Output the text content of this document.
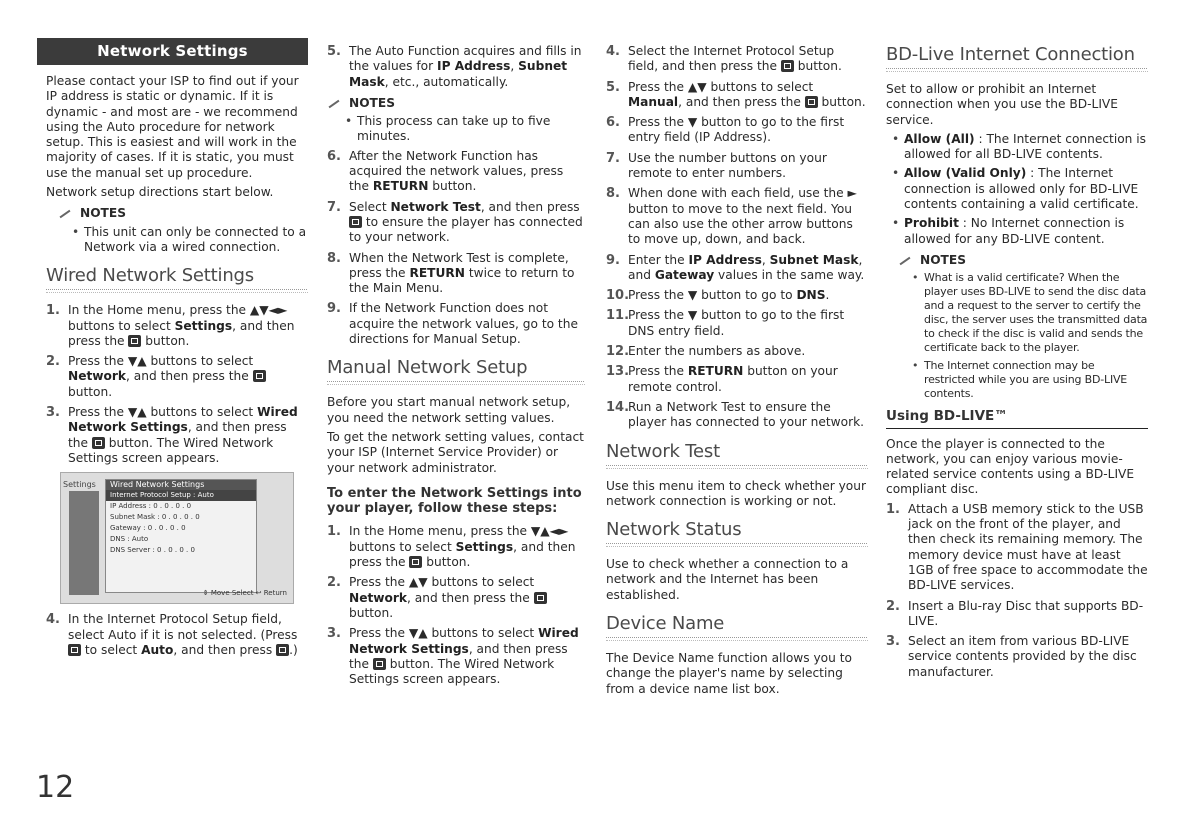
Network Settings

Please contact your ISP to find out if your IP address is static or dynamic. If it is dynamic - and most are - we recommend using the Auto procedure for network setup. This is easiest and will work in the majority of cases. If it is static, you must use the manual set up procedure.

Network setup directions start below.

NOTES
• This unit can only be connected to a Network via a wired connection.
Wired Network Settings
1. In the Home menu, press the ▲▼◄► buttons to select Settings, and then press the  button.
2. Press the ▼▲ buttons to select Network, and then press the  button.
3. Press the ▼▲ buttons to select Wired Network Settings, and then press the  button. The Wired Network Settings screen appears.
Settings	Wired Network Settings
Internet Protocol Setup : Auto
IP Address : 0 . 0 . 0 . 0
Subnet Mask : 0 . 0 . 0 . 0
Gateway : 0 . 0 . 0 . 0
DNS : Auto
DNS Server : 0 . 0 . 0 . 0
⇕ Move Select ↩ Return
4. In the Internet Protocol Setup field, select Auto if it is not selected. (Press  to select Auto, and then press .)
12
5. The Auto Function acquires and fills in the values for IP Address, Subnet Mask, etc., automatically.
NOTES
• This process can take up to five minutes.
6. After the Network Function has acquired the network values, press the RETURN button.
7. Select Network Test, and then press  to ensure the player has connected to your network.
8. When the Network Test is complete, press the RETURN twice to return to the Main Menu.
9. If the Network Function does not acquire the network values, go to the directions for Manual Setup.
Manual Network Setup

Before you start manual network setup, you need the network setting values.

To get the network setting values, contact your ISP (Internet Service Provider) or your network administrator.

To enter the Network Settings into your player, follow these steps:
1. In the Home menu, press the ▼▲◄► buttons to select Settings, and then press the  button.
2. Press the ▲▼ buttons to select Network, and then press the  button.
3. Press the ▼▲ buttons to select Wired Network Settings, and then press the  button. The Wired Network Settings screen appears.
4. Select the Internet Protocol Setup field, and then press the  button.
5. Press the ▲▼ buttons to select Manual, and then press the  button.
6. Press the ▼ button to go to the first entry field (IP Address).
7. Use the number buttons on your remote to enter numbers.
8. When done with each field, use the ► button to move to the next field. You can also use the other arrow buttons to move up, down, and back.
9. Enter the IP Address, Subnet Mask, and Gateway values in the same way.
10.
Press the ▼ button to go to DNS.
11.
Press the ▼ button to go to the first DNS entry field.
12.
Enter the numbers as above.
13.
Press the RETURN button on your remote control.
14.
Run a Network Test to ensure the player has connected to your network.
Network Test

Use this menu item to check whether your network connection is working or not.

Network Status

Use to check whether a connection to a network and the Internet has been established.

Device Name

The Device Name function allows you to change the player's name by selecting from a device name list box.

BD-Live Internet Connection

Set to allow or prohibit an Internet connection when you use the BD-LIVE service.

• Allow (All) : The Internet connection is allowed for all BD-LIVE contents.
• Allow (Valid Only) : The Internet connection is allowed only for BD-LIVE contents containing a valid certificate.
• Prohibit : No Internet connection is allowed for any BD-LIVE content.
NOTES
• What is a valid certificate? When the player uses BD-LIVE to send the disc data and a request to the server to certify the disc, the server uses the transmitted data to check if the disc is valid and sends the certificate back to the player.
• The Internet connection may be restricted while you are using BD-LIVE contents.
Using BD-LIVE™

Once the player is connected to the network, you can enjoy various movie-related service contents using a BD-LIVE compliant disc.

1. Attach a USB memory stick to the USB jack on the front of the player, and then check its remaining memory. The memory device must have at least 1GB of free space to accommodate the BD-LIVE services.
2. Insert a Blu-ray Disc that supports BD-LIVE.
3. Select an item from various BD-LIVE service contents provided by the disc manufacturer.
